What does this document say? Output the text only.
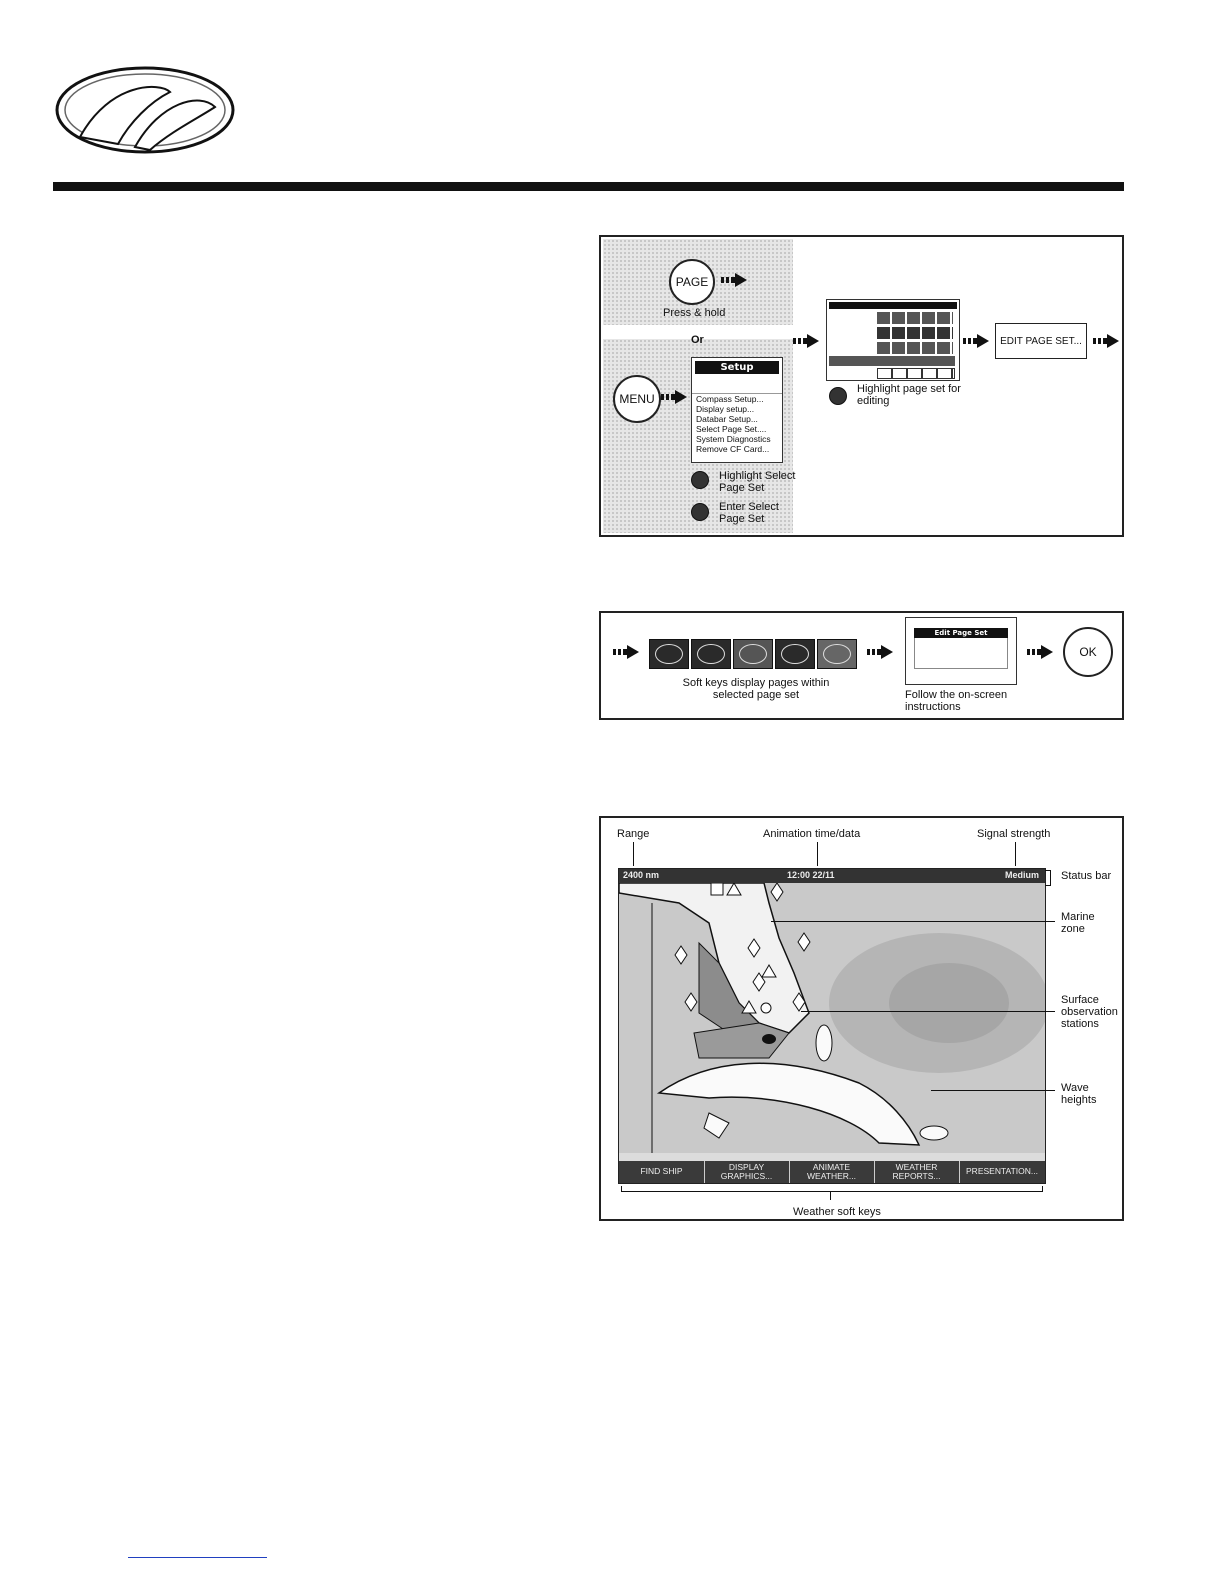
PAGE
Press & hold
Or
MENU
Setup
Compass Setup...
Display setup...
Databar Setup...
Select Page Set....
System Diagnostics
Remove CF Card...
Highlight Select Page Set
Enter Select Page Set
Highlight page set for editing
EDIT PAGE SET...
Soft keys display pages within selected page set
Edit Page Set
Follow the on-screen instructions
OK
Range	Animation time/data	Signal strength
2400 nm	12:00 22/11	Medium
FIND SHIP	DISPLAY GRAPHICS...
ANIMATE WEATHER...
WEATHER REPORTS...	PRESENTATION...
Status bar
Marine zone
Surface observation stations
Wave heights
Weather soft keys
